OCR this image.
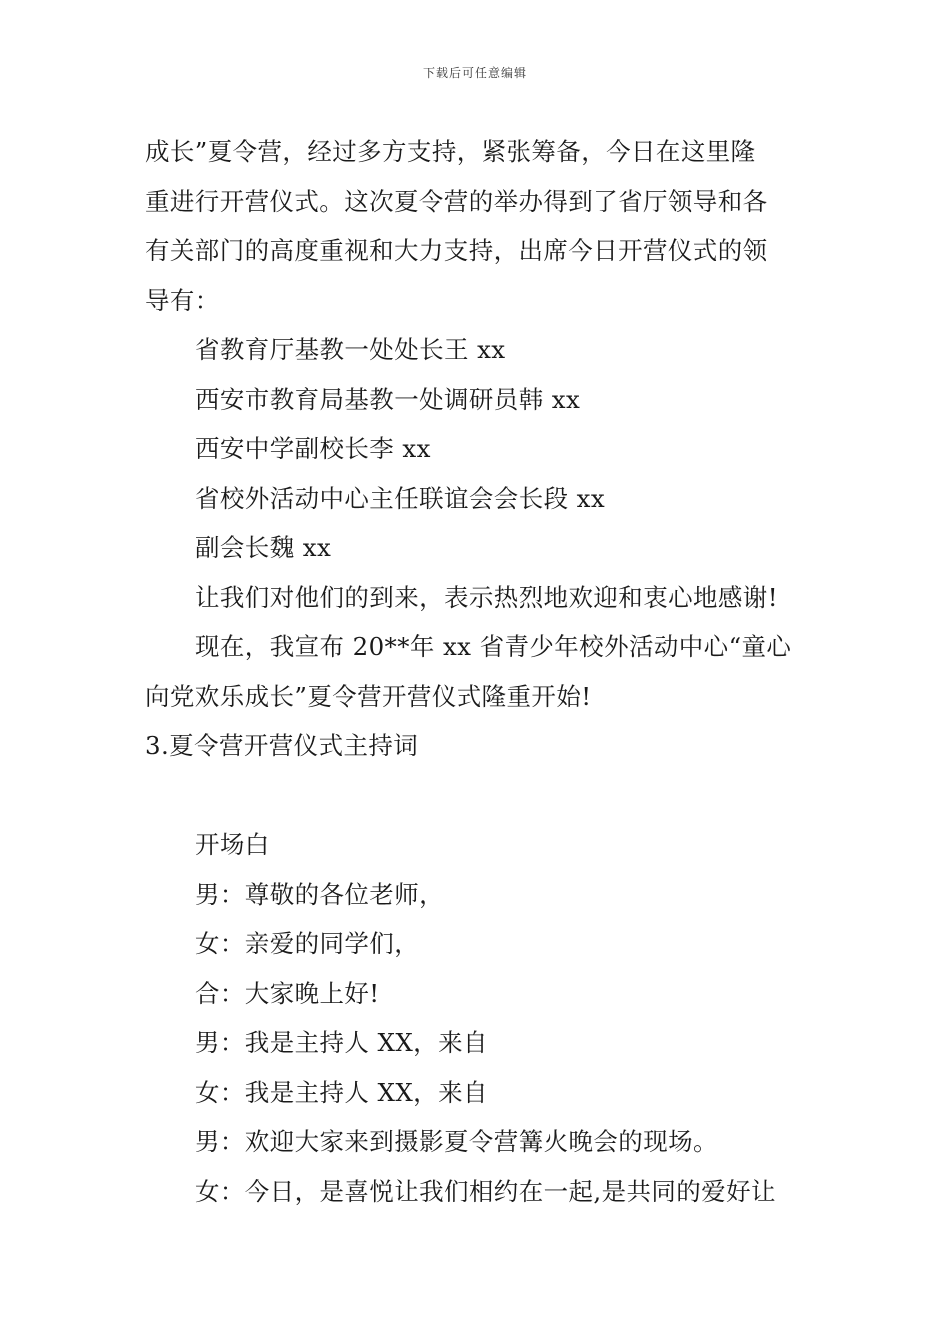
下载后可任意编辑
成长”夏令营，经过多方支持，紧张筹备，今日在这里隆
重进行开营仪式。这次夏令营的举办得到了省厅领导和各
有关部门的高度重视和大力支持，出席今日开营仪式的领
导有：
省教育厅基教一处处长王 xx
西安市教育局基教一处调研员韩 xx
西安中学副校长李 xx
省校外活动中心主任联谊会会长段 xx
副会长魏 xx
让我们对他们的到来，表示热烈地欢迎和衷心地感谢!
现在，我宣布 20**年 xx 省青少年校外活动中心“童心
向党欢乐成长”夏令营开营仪式隆重开始!
3.夏令营开营仪式主持词
开场白
男：尊敬的各位老师，
女：亲爱的同学们，
合：大家晚上好!
男：我是主持人 XX，来自
女：我是主持人 XX，来自
男：欢迎大家来到摄影夏令营篝火晚会的现场。
女：今日，是喜悦让我们相约在一起,是共同的爱好让
